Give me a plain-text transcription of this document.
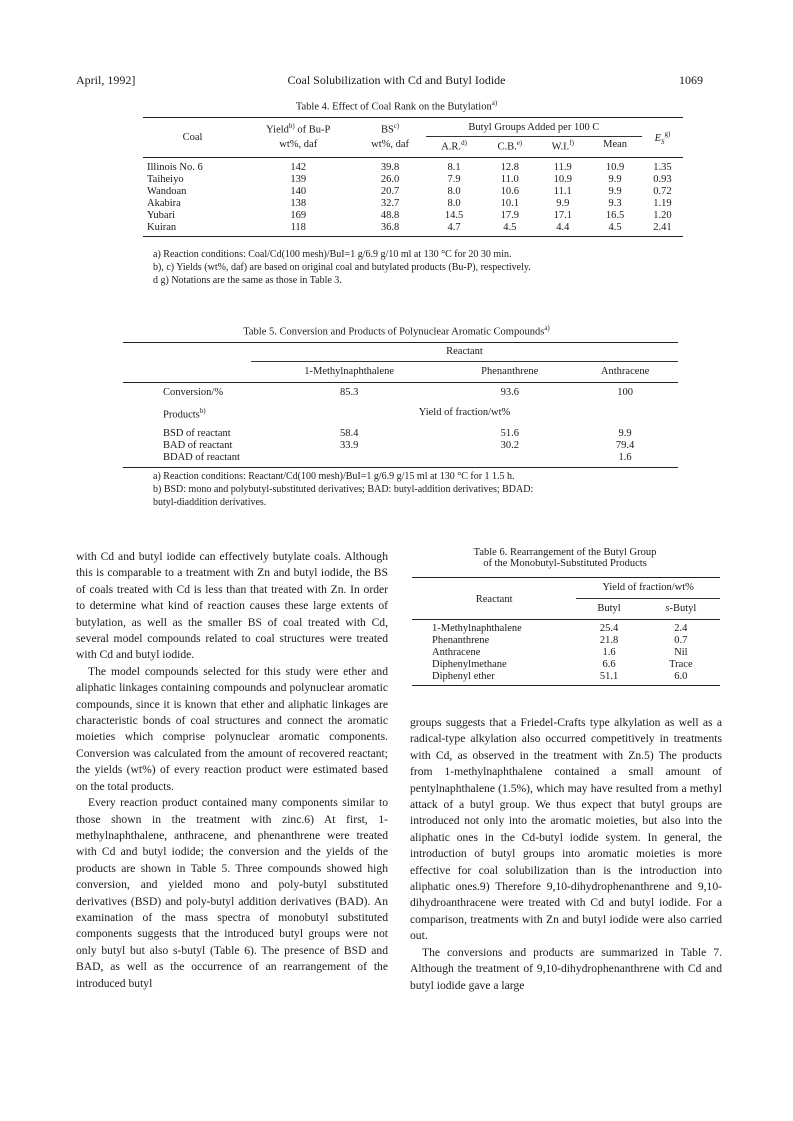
April, 1992]	Coal Solubilization with Cd and Butyl Iodide	1069
Table 4. Effect of Coal Rank on the Butylation$^{a)}$
Coal	Yield$^{b)}$ of Bu-P	BS$^{c)}$	Butyl Groups Added per 100 C				$E_S^{g)}$
	wt%, daf	wt%, daf	A.R.$^{d)}$	C.B.$^{e)}$	W.I.$^{f)}$	Mean	
Illinois No. 6	142	39.8	8.1	12.8	11.9	10.9	1.35
Taiheiyo	139	26.0	7.9	11.0	10.9	9.9	0.93
Wandoan	140	20.7	8.0	10.6	11.1	9.9	0.72
Akabira	138	32.7	8.0	10.1	9.9	9.3	1.19
Yubari	169	48.8	14.5	17.9	17.1	16.5	1.20
Kuiran	118	36.8	4.7	4.5	4.4	4.5	2.41
a) Reaction conditions: Coal/Cd(100 mesh)/BuI=1 g/6.9 g/10 ml at 130 °C for 20 30 min.
b), c) Yields (wt%, daf) are based on original coal and butylated products (Bu-P), respectively.
d g) Notations are the same as those in Table 3.
Table 5. Conversion and Products of Polynuclear Aromatic Compounds$^{a)}$
	Reactant		
	1-Methylnaphthalene	Phenanthrene	Anthracene
Conversion/%	85.3	93.6	100
Products$^{b)}$	Yield of fraction/wt%		
BSD of reactant	58.4	51.6	9.9
BAD of reactant	33.9	30.2	79.4
BDAD of reactant			1.6
a) Reaction conditions: Reactant/Cd(100 mesh)/BuI=1 g/6.9 g/15 ml at 130 °C for 1 1.5 h.
b) BSD: mono and polybutyl-substituted derivatives; BAD: butyl-addition derivatives; BDAD:
butyl-diaddition derivatives.
Table 6. Rearrangement of the Butyl Group
of the Monobutyl-Substituted Products
Reactant	Yield of fraction/wt%	
	Butyl	s-Butyl
1-Methylnaphthalene	25.4	2.4
Phenanthrene	21.8	0.7
Anthracene	1.6	Nil
Diphenylmethane	6.6	Trace
Diphenyl ether	51.1	6.0

with Cd and butyl iodide can effectively butylate coals. Although this is comparable to a treatment with Zn and butyl iodide, the BS of coals treated with Cd is less than that treated with Zn. In order to determine what kind of reaction causes these large extents of butylation, as well as the smaller BS of coal treated with Cd, several model compounds related to coal structures were treated with Cd and butyl iodide.

The model compounds selected for this study were ether and aliphatic linkages containing compounds and polynuclear aromatic compounds, since it is known that ether and aliphatic linkages are characteristic bonds of coal structures and connect the aromatic moieties which comprise polynuclear aromatic components. Conversion was calculated from the amount of recovered reactant; the yields (wt%) of every reaction product were estimated based on the total products.

Every reaction product contained many components similar to those shown in the treatment with zinc.6) At first, 1-methylnaphthalene, anthracene, and phenanthrene were treated with Cd and butyl iodide; the conversion and the yields of the products are shown in Table 5. Three compounds showed high conversion, and yielded mono and poly-butyl substituted derivatives (BSD) and poly-butyl addition derivatives (BAD). An examination of the mass spectra of monobutyl substituted components suggests that the introduced butyl groups were not only butyl but also s-butyl (Table 6). The presence of BSD and BAD, as well as the occurrence of an rearrangement of the introduced butyl

groups suggests that a Friedel-Crafts type alkylation as well as a radical-type alkylation also occurred competitively in treatments with Cd, as observed in the treatment with Zn.5) The products from 1-methylnaphthalene contained a small amount of pentylnaphthalene (1.5%), which may have resulted from a methyl attack of a butyl group. We thus expect that butyl groups are introduced not only into the aromatic moieties, but also into the aliphatic ones in the Cd-butyl iodide system. In general, the introduction of butyl groups into aromatic moieties is more effective for coal solubilization than is the introduction into aliphatic ones.9) Therefore 9,10-dihydrophenanthrene and 9,10-dihydroanthracene were treated with Cd and butyl iodide. For a comparison, treatments with Zn and butyl iodide were also carried out.

The conversions and products are summarized in Table 7. Although the treatment of 9,10-dihydrophenanthrene with Cd and butyl iodide gave a large
